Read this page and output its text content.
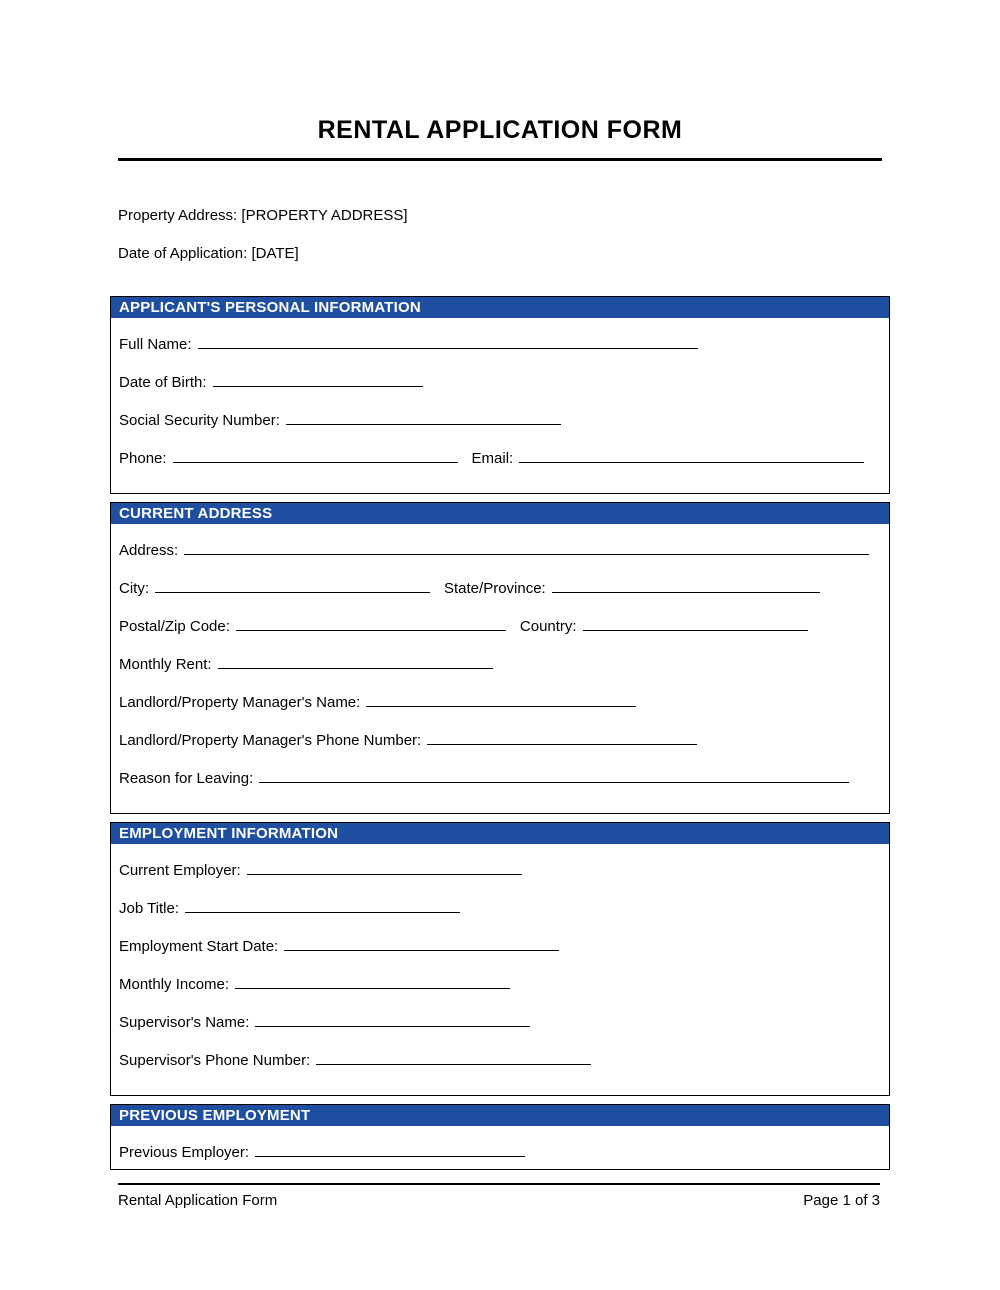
RENTAL APPLICATION FORM

Property Address: [PROPERTY ADDRESS]

Date of Application: [DATE]

APPLICANT'S PERSONAL INFORMATION
Full Name:
Date of Birth:
Social Security Number:
Phone:	Email:
CURRENT ADDRESS
Address:
City:	State/Province:
Postal/Zip Code:	Country:
Monthly Rent:
Landlord/Property Manager's Name:
Landlord/Property Manager's Phone Number:
Reason for Leaving:
EMPLOYMENT INFORMATION
Current Employer:
Job Title:
Employment Start Date:
Monthly Income:
Supervisor's Name:
Supervisor's Phone Number:
PREVIOUS EMPLOYMENT
Previous Employer:
Rental Application Form	Page 1 of 3
